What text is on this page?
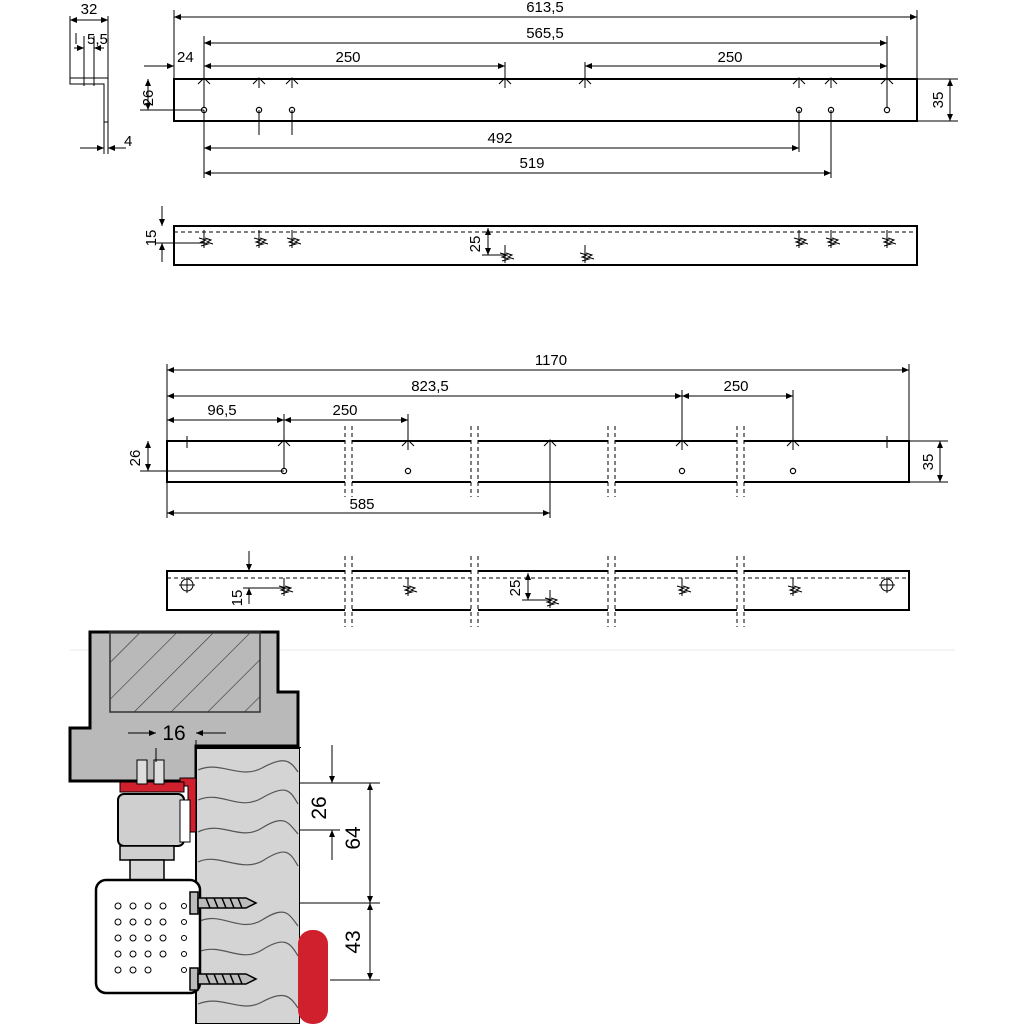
32
5,5
4
613,5
565,5
24	250	250
26	35
492
519
15	25
1170
823,5	250
96,5	250
26	35
585
15
25
16
26
64
43
